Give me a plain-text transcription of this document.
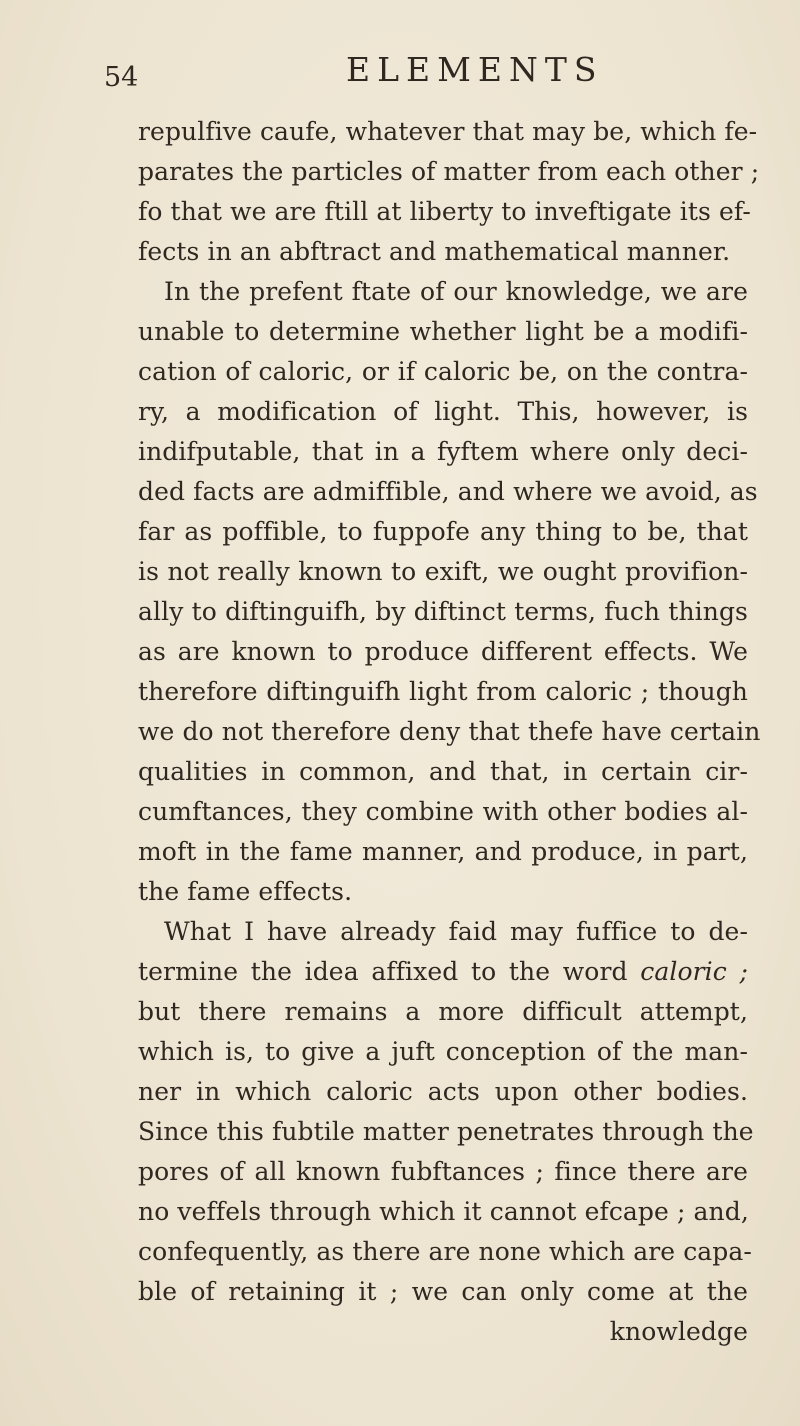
54	ELEMENTS
repulfive caufe, whatever that may be, which fe-
parates the particles of matter from each other ;
fo that we are ftill at liberty to inveftigate its ef-
fects in an abftract and mathematical manner.
In the prefent ftate of our knowledge, we are
unable to determine whether light be a modifi-
cation of caloric, or if caloric be, on the contra-
ry, a modification of light. This, however, is
indifputable, that in a fyftem where only deci-
ded facts are admiffible, and where we avoid, as
far as poffible, to fuppofe any thing to be, that
is not really known to exift, we ought provifion-
ally to diftinguifh, by diftinct terms, fuch things
as are known to produce different effects. We
therefore diftinguifh light from caloric ; though
we do not therefore deny that thefe have certain
qualities in common, and that, in certain cir-
cumftances, they combine with other bodies al-
moft in the fame manner, and produce, in part,
the fame effects.
What I have already faid may fuffice to de-
termine the idea affixed to the word caloric ;
but there remains a more difficult attempt,
which is, to give a juft conception of the man-
ner in which caloric acts upon other bodies.
Since this fubtile matter penetrates through the
pores of all known fubftances ; fince there are
no veffels through which it cannot efcape ; and,
confequently, as there are none which are capa-
ble of retaining it ; we can only come at the
knowledge
